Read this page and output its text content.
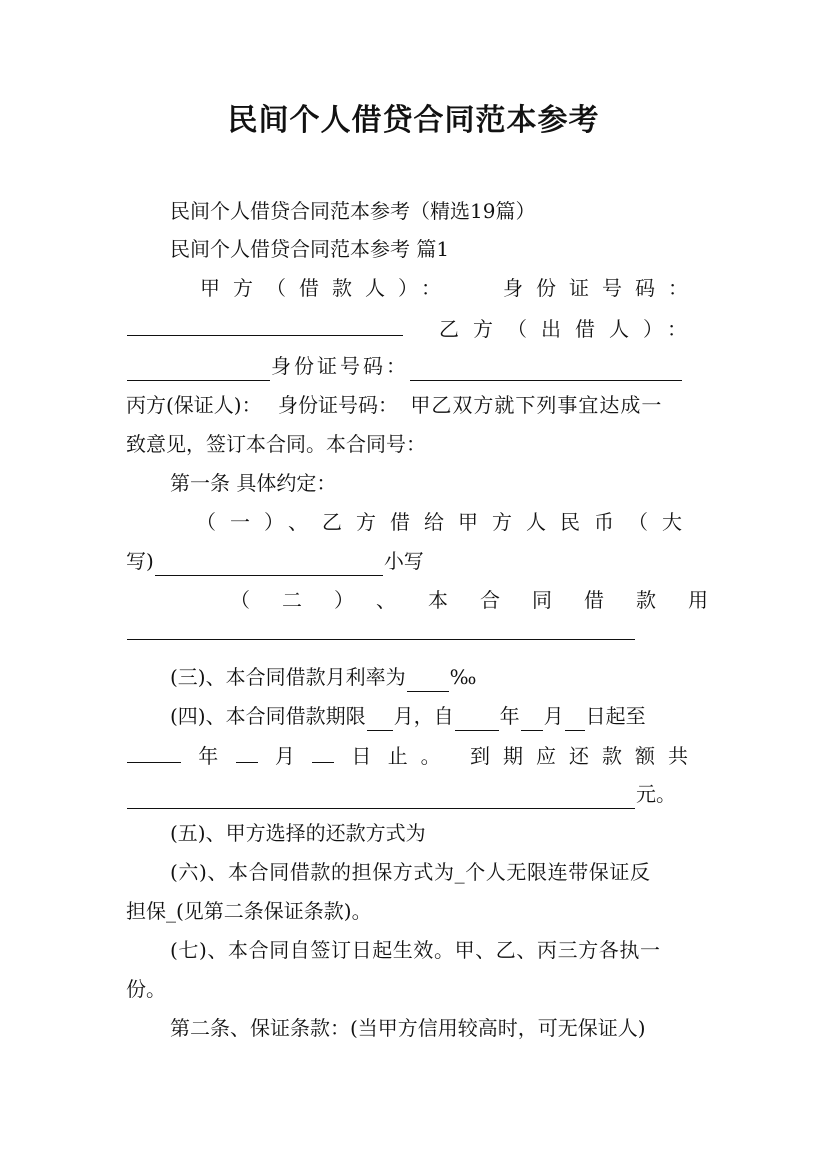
民间个人借贷合同范本参考
民间个人借贷合同范本参考（精选19篇）
民间个人借贷合同范本参考 篇1
甲方（借款人）： 身份证号码：
乙方（出借人）：
身份证号码：
丙方(保证人)： 身份证号码： 甲乙双方就下列事宜达成一
致意见，签订本合同。本合同号：
第一条 具体约定：
（一）、乙方借给甲方人民币（大
写)	小写
（二）、本合同借款用
(三)、本合同借款月利率为 ‰
(四)、本合同借款期限 月，自 年 月 日起至
年	月	日 止。 到期应还款额共
元。
(五)、甲方选择的还款方式为
(六)、本合同借款的担保方式为_个人无限连带保证反
担保_(见第二条保证条款)。
(七)、本合同自签订日起生效。甲、乙、丙三方各执一
份。
第二条、保证条款：(当甲方信用较高时，可无保证人)
